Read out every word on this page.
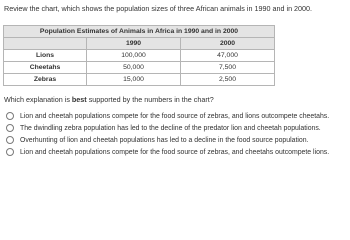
Review the chart, which shows the population sizes of three African animals in 1990 and in 2000.
Population Estimates of Animals in Africa in 1990 and in 2000		
	1990	2000
Lions	100,000	47,000
Cheetahs	50,000	7,500
Zebras	15,000	2,500
Which explanation is best supported by the numbers in the chart?
Lion and cheetah populations compete for the food source of zebras, and lions outcompete cheetahs.
The dwindling zebra population has led to the decline of the predator lion and cheetah populations.
Overhunting of lion and cheetah populations has led to a decline in the food source population.
Lion and cheetah populations compete for the food source of zebras, and cheetahs outcompete lions.
